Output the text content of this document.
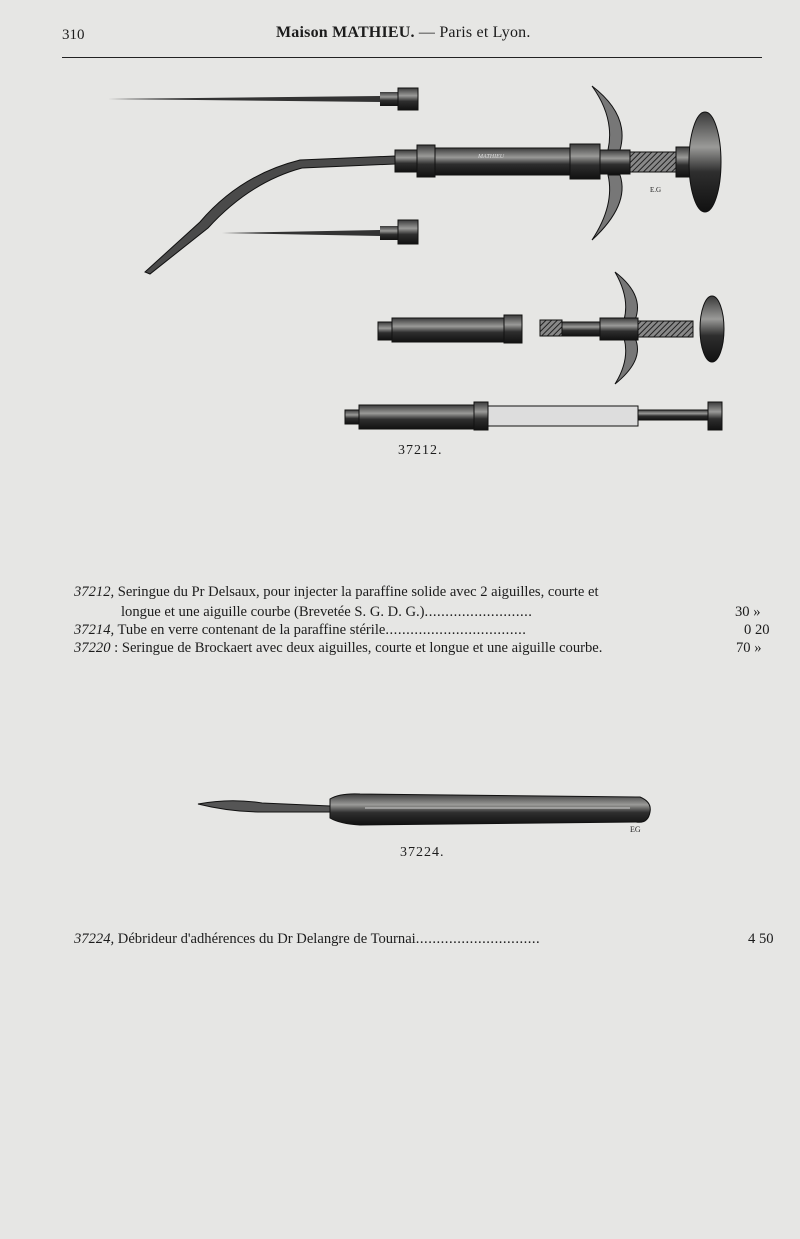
310	Maison MATHIEU. — Paris et Lyon.
MATHIEU
E.G
37212.
37212, Seringue du Pr Delsaux, pour injecter la paraffine solide avec 2 aiguilles, courte et
longue et une aiguille courbe (Brevetée S. G. D. G.)..........................	30 »
37214, Tube en verre contenant de la paraffine stérile..................................	0 20
37220 : Seringue de Brockaert avec deux aiguilles, courte et longue et une aiguille courbe.	70 »
EG
37224.
37224, Débrideur d'adhérences du Dr Delangre de Tournai..............................	4 50
